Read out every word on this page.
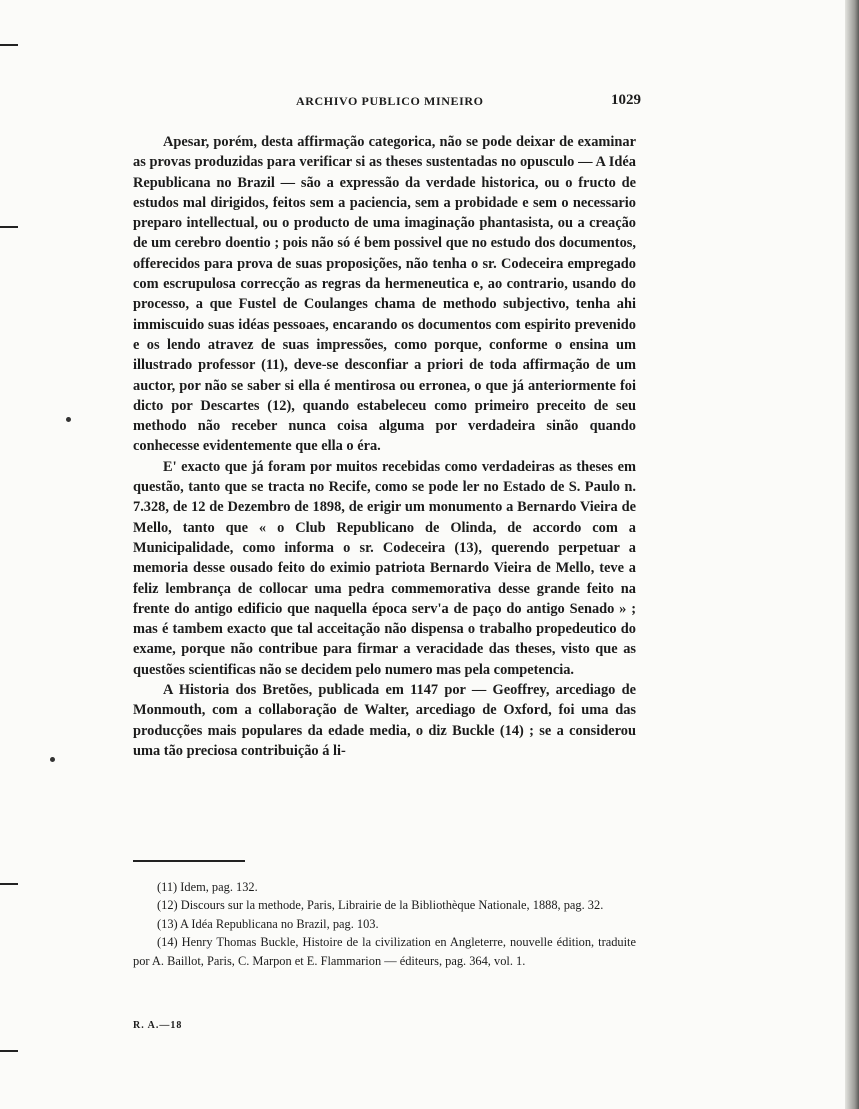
ARCHIVO PUBLICO MINEIRO	1029

Apesar, porém, desta affirmação categorica, não se pode deixar de examinar as provas produzidas para verificar si as theses sustentadas no opusculo — A Idéa Republicana no Brazil — são a expressão da verdade historica, ou o fructo de estudos mal dirigidos, feitos sem a paciencia, sem a probidade e sem o necessario preparo intellectual, ou o producto de uma imaginação phantasista, ou a creação de um cerebro doentio ; pois não só é bem possivel que no estudo dos documentos, offerecidos para prova de suas proposições, não tenha o sr. Codeceira empregado com escrupulosa correcção as regras da hermeneutica e, ao contrario, usando do processo, a que Fustel de Coulanges chama de methodo subjectivo, tenha ahi immiscuido suas idéas pessoaes, encarando os documentos com espirito prevenido e os lendo atravez de suas impressões, como porque, conforme o ensina um illustrado professor (11), deve-se desconfiar a priori de toda affirmação de um auctor, por não se saber si ella é mentirosa ou erronea, o que já anteriormente foi dicto por Descartes (12), quando estabeleceu como primeiro preceito de seu methodo não receber nunca coisa alguma por verdadeira sinão quando conhecesse evidentemente que ella o éra.

E' exacto que já foram por muitos recebidas como verdadeiras as theses em questão, tanto que se tracta no Recife, como se pode ler no Estado de S. Paulo n. 7.328, de 12 de Dezembro de 1898, de erigir um monumento a Bernardo Vieira de Mello, tanto que « o Club Republicano de Olinda, de accordo com a Municipalidade, como informa o sr. Codeceira (13), querendo perpetuar a memoria desse ousado feito do eximio patriota Bernardo Vieira de Mello, teve a feliz lembrança de collocar uma pedra commemorativa desse grande feito na frente do antigo edificio que naquella época serv'a de paço do antigo Senado » ; mas é tambem exacto que tal acceitação não dispensa o trabalho propedeutico do exame, porque não contribue para firmar a veracidade das theses, visto que as questões scientificas não se decidem pelo numero mas pela competencia.

A Historia dos Bretões, publicada em 1147 por — Geoffrey, arcediago de Monmouth, com a collaboração de Walter, arcediago de Oxford, foi uma das producções mais populares da edade media, o diz Buckle (14) ; se a considerou uma tão preciosa contribuição á li-

(11) Idem, pag. 132.

(12) Discours sur la methode, Paris, Librairie de la Bibliothèque Nationale, 1888, pag. 32.

(13) A Idéa Republicana no Brazil, pag. 103.

(14) Henry Thomas Buckle, Histoire de la civilization en Angleterre, nouvelle édition, traduite por A. Baillot, Paris, C. Marpon et E. Flammarion — éditeurs, pag. 364, vol. 1.

R. A.—18
